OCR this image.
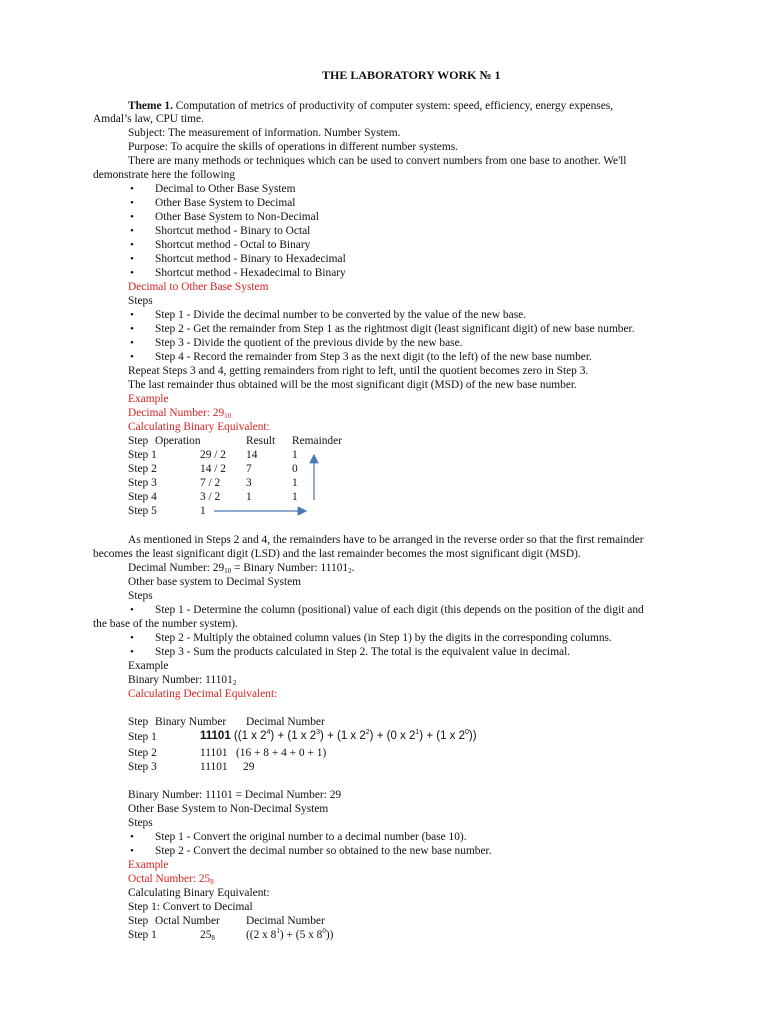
THE LABORATORY WORK № 1
Theme 1. Computation of metrics of productivity of computer system: speed, efficiency, energy expenses,
Amdal’s law, CPU time.
Subject: The measurement of information. Number System.
Purpose: To acquire the skills of operations in different number systems.
There are many methods or techniques which can be used to convert numbers from one base to another. We'll
demonstrate here the following
• Decimal to Other Base System
• Other Base System to Decimal
• Other Base System to Non-Decimal
• Shortcut method - Binary to Octal
• Shortcut method - Octal to Binary
• Shortcut method - Binary to Hexadecimal
• Shortcut method - Hexadecimal to Binary
Decimal to Other Base System
Steps
• Step 1 - Divide the decimal number to be converted by the value of the new base.
• Step 2 - Get the remainder from Step 1 as the rightmost digit (least significant digit) of new base number.
• Step 3 - Divide the quotient of the previous divide by the new base.
• Step 4 - Record the remainder from Step 3 as the next digit (to the left) of the new base number.
Repeat Steps 3 and 4, getting remainders from right to left, until the quotient becomes zero in Step 3.
The last remainder thus obtained will be the most significant digit (MSD) of the new base number.
Example
Decimal Number: $29_{10}$
Calculating Binary Equivalent:
Step Operation	Result Remainder
Step 1	29 / 2 14	1
Step 2	14 / 2 7	0
Step 3	7 / 2 3	1
Step 4	3 / 2 1	1
Step 5	1
As mentioned in Steps 2 and 4, the remainders have to be arranged in the reverse order so that the first remainder
becomes the least significant digit (LSD) and the last remainder becomes the most significant digit (MSD).
Decimal Number: $29_{10}$ = Binary Number: $11101_2$.
Other base system to Decimal System
Steps
• Step 1 - Determine the column (positional) value of each digit (this depends on the position of the digit and
the base of the number system).
• Step 2 - Multiply the obtained column values (in Step 1) by the digits in the corresponding columns.
• Step 3 - Sum the products calculated in Step 2. The total is the equivalent value in decimal.
Example
Binary Number: $11101_2$
Calculating Decimal Equivalent:
Step Binary Number Decimal Number
Step 1	11101 ((1 x $2^4) + (1$ x $2^3) + (1$ x $2^2) + (0$ x $2^1) + (1$ x $2^0$))
Step 2	11101 (16 + 8 + 4 + 0 + 1)
Step 3	11101 29
Binary Number: 11101 = Decimal Number: 29
Other Base System to Non-Decimal System
Steps
• Step 1 - Convert the original number to a decimal number (base 10).
• Step 2 - Convert the decimal number so obtained to the new base number.
Example
Octal Number: $25_8$
Calculating Binary Equivalent:
Step 1: Convert to Decimal
Step Octal Number Decimal Number
Step 1	$25_8$	((2 x $8^1) + (5$ x $8^0$))
